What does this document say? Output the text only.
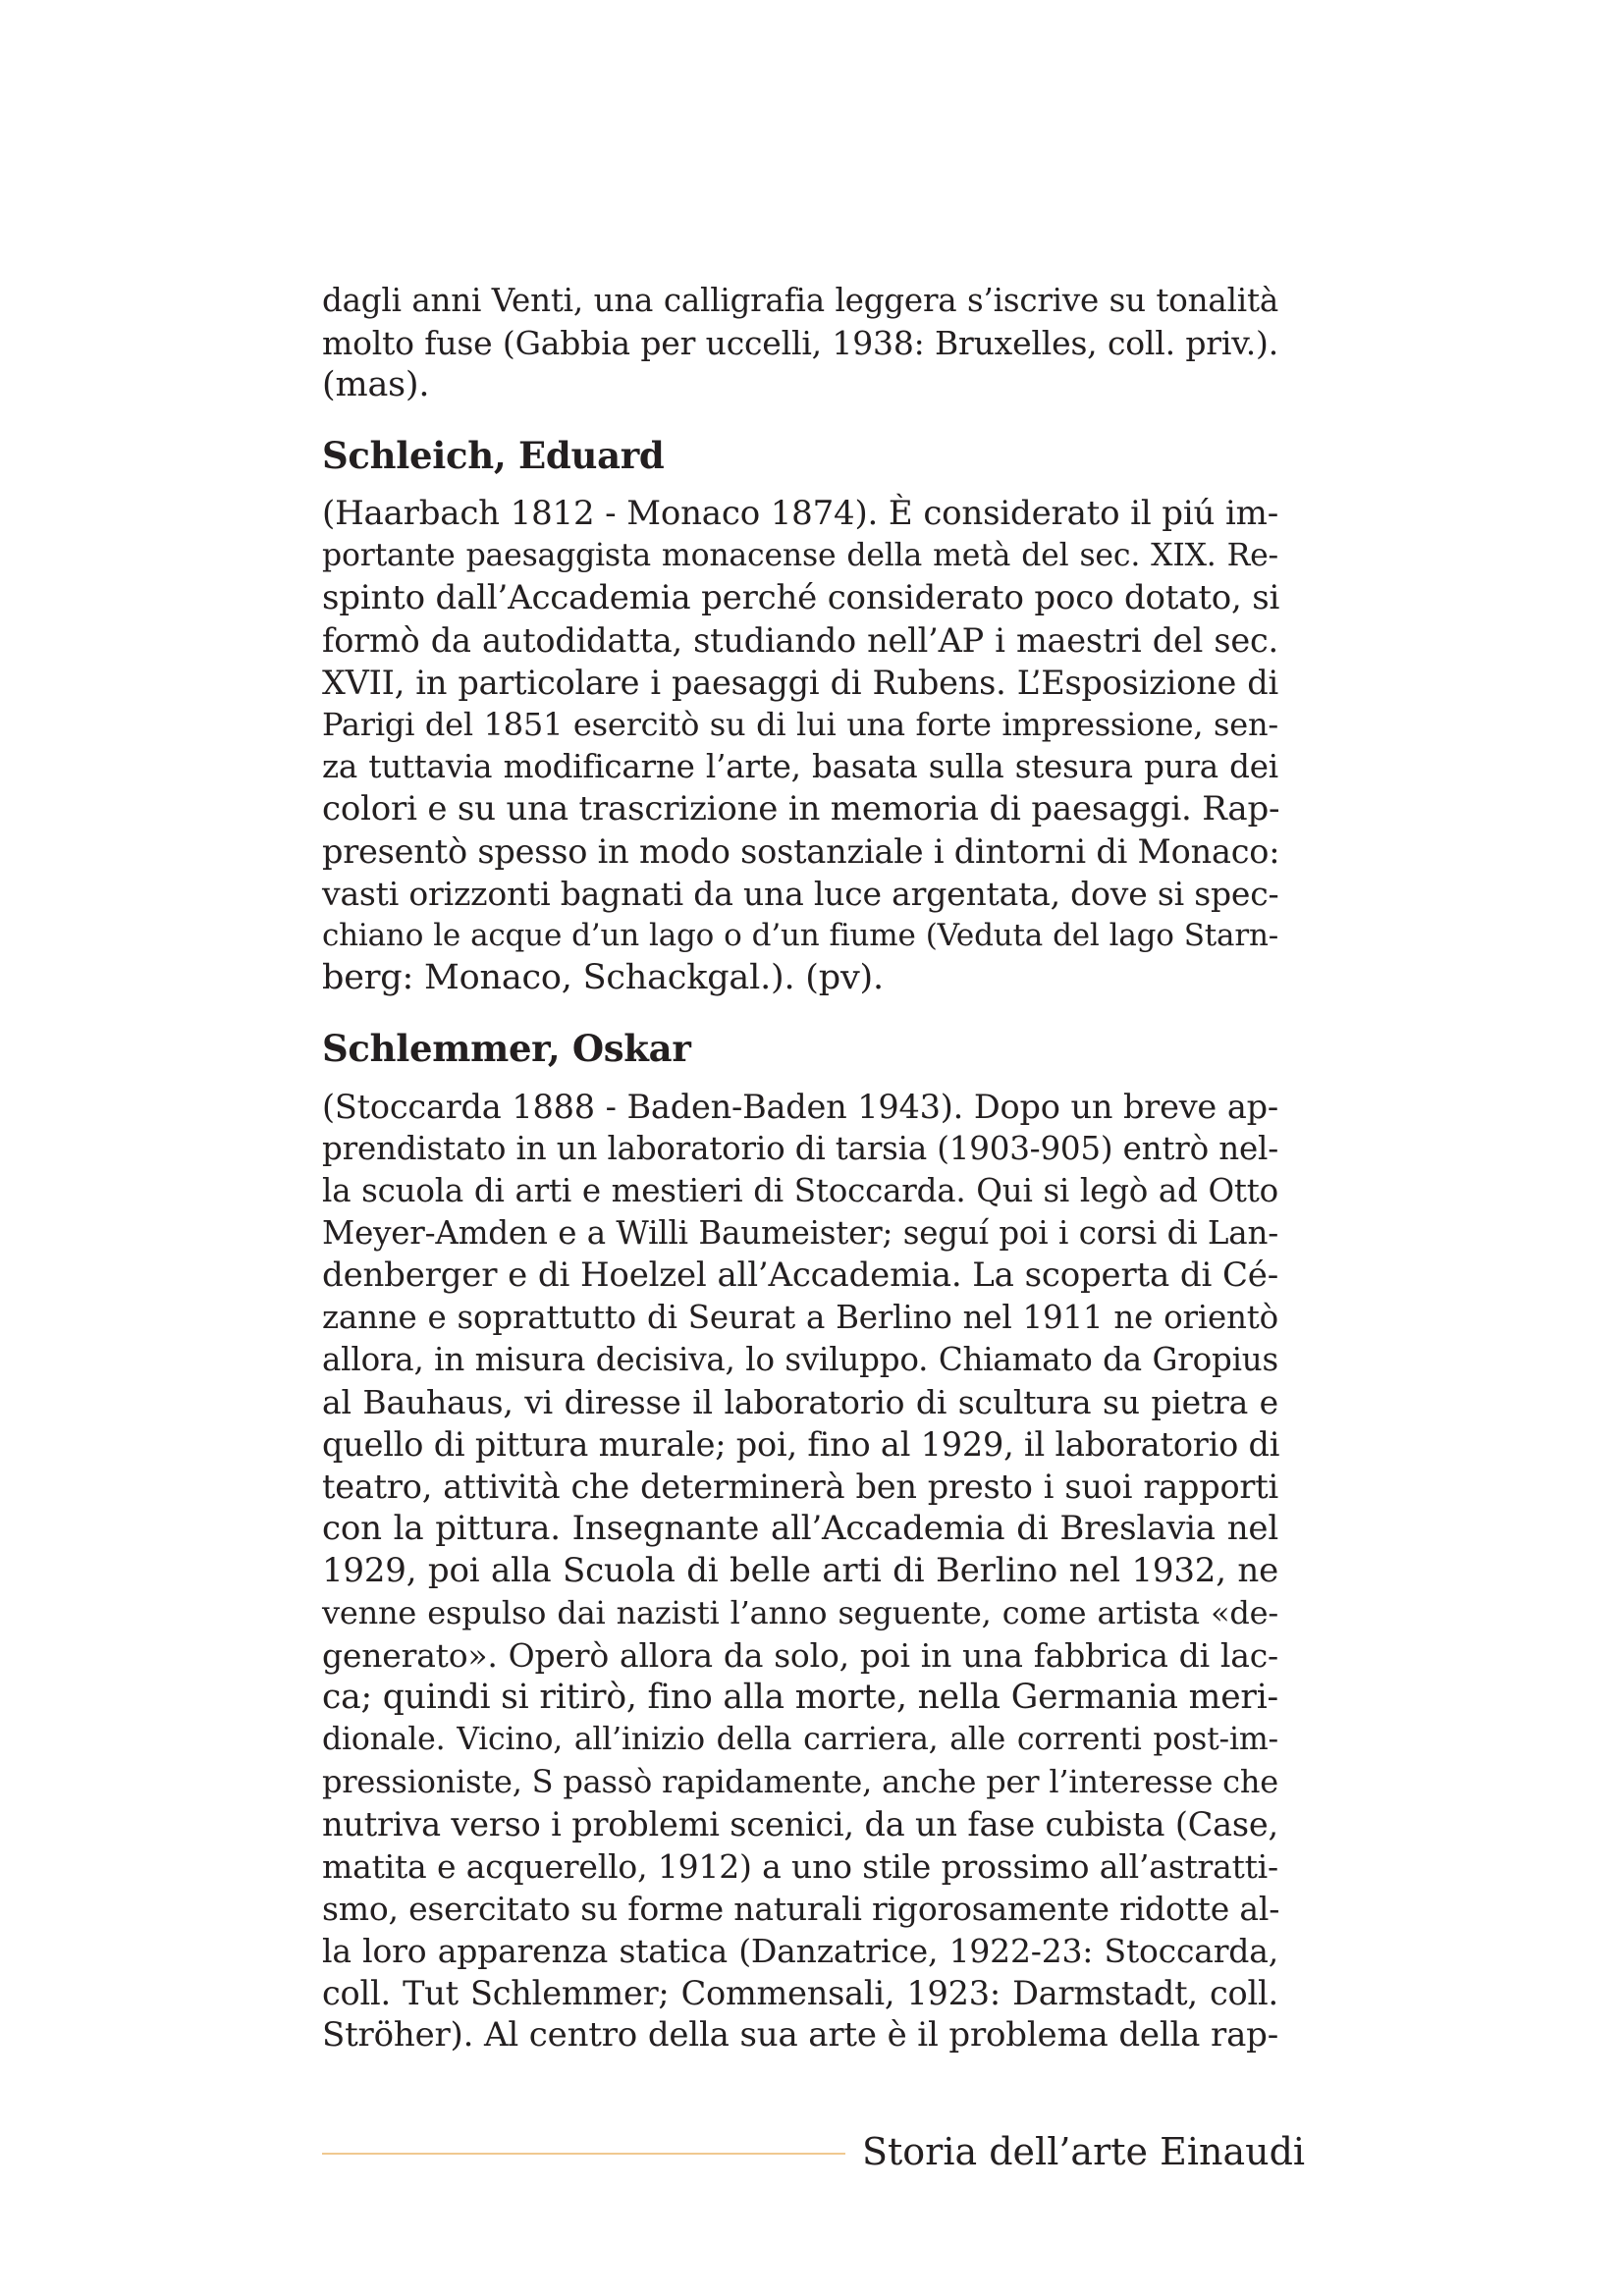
dagli anni Venti, una calligrafia leggera s’iscrive su tonalità
molto fuse (Gabbia per uccelli, 1938: Bruxelles, coll. priv.).
(mas).
Schleich, Eduard
(Haarbach 1812 - Monaco 1874). È considerato il piú im-
portante paesaggista monacense della metà del sec. XIX. Re-
spinto dall’Accademia perché considerato poco dotato, si
formò da autodidatta, studiando nell’AP i maestri del sec.
XVII, in particolare i paesaggi di Rubens. L’Esposizione di
Parigi del 1851 esercitò su di lui una forte impressione, sen-
za tuttavia modificarne l’arte, basata sulla stesura pura dei
colori e su una trascrizione in memoria di paesaggi. Rap-
presentò spesso in modo sostanziale i dintorni di Monaco:
vasti orizzonti bagnati da una luce argentata, dove si spec-
chiano le acque d’un lago o d’un fiume (Veduta del lago Starn-
berg: Monaco, Schackgal.). (pv).
Schlemmer, Oskar
(Stoccarda 1888 - Baden-Baden 1943). Dopo un breve ap-
prendistato in un laboratorio di tarsia (1903-905) entrò nel-
la scuola di arti e mestieri di Stoccarda. Qui si legò ad Otto
Meyer-Amden e a Willi Baumeister; seguí poi i corsi di Lan-
denberger e di Hoelzel all’Accademia. La scoperta di Cé-
zanne e soprattutto di Seurat a Berlino nel 1911 ne orientò
allora, in misura decisiva, lo sviluppo. Chiamato da Gropius
al Bauhaus, vi diresse il laboratorio di scultura su pietra e
quello di pittura murale; poi, fino al 1929, il laboratorio di
teatro, attività che determinerà ben presto i suoi rapporti
con la pittura. Insegnante all’Accademia di Breslavia nel
1929, poi alla Scuola di belle arti di Berlino nel 1932, ne
venne espulso dai nazisti l’anno seguente, come artista «de-
generato». Operò allora da solo, poi in una fabbrica di lac-
ca; quindi si ritirò, fino alla morte, nella Germania meri-
dionale. Vicino, all’inizio della carriera, alle correnti post-im-
pressioniste, S passò rapidamente, anche per l’interesse che
nutriva verso i problemi scenici, da un fase cubista (Case,
matita e acquerello, 1912) a uno stile prossimo all’astratti-
smo, esercitato su forme naturali rigorosamente ridotte al-
la loro apparenza statica (Danzatrice, 1922-23: Stoccarda,
coll. Tut Schlemmer; Commensali, 1923: Darmstadt, coll.
Ströher). Al centro della sua arte è il problema della rap-
Storia dell’arte Einaudi
